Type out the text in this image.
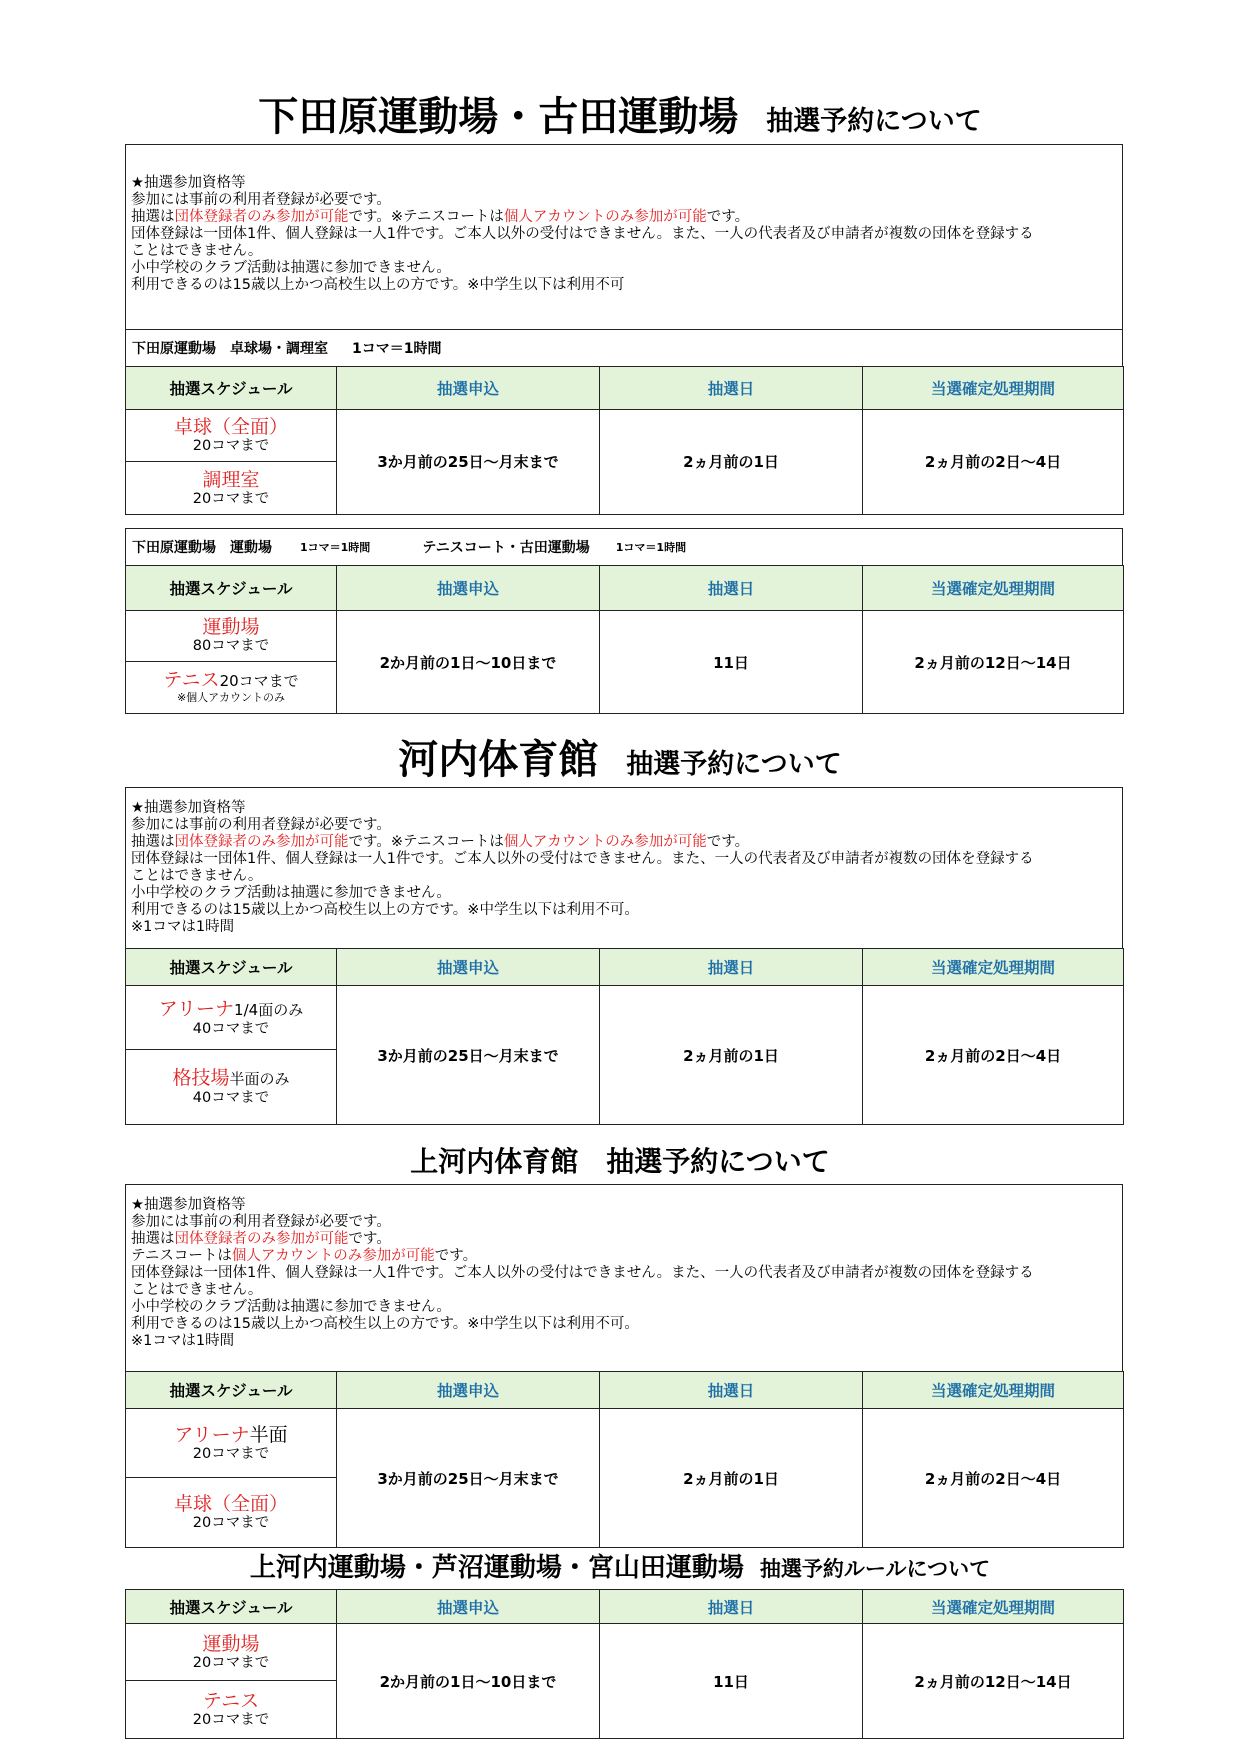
下田原運動場・古田運動場 抽選予約について
★抽選参加資格等
参加には事前の利用者登録が必要です。
抽選は団体登録者のみ参加が可能です。※テニスコートは個人アカウントのみ参加が可能です。
団体登録は一団体1件、個人登録は一人1件です。ご本人以外の受付はできません。また、一人の代表者及び申請者が複数の団体を登録する
ことはできません。
小中学校のクラブ活動は抽選に参加できません。
利用できるのは15歳以上かつ高校生以上の方です。※中学生以下は利用不可
下田原運動場　卓球場・調理室　 1コマ＝1時間
抽選スケジュール	抽選申込	抽選日	当選確定処理期間

卓球（全面）
20コマまで	3か月前の25日～月末まで	2ヵ月前の1日	2ヵ月前の2日～4日

調理室
20コマまで			
下田原運動場　運動場　 1コマ＝1時間	テニスコート・古田運動場　 1コマ＝1時間
抽選スケジュール	抽選申込	抽選日	当選確定処理期間

運動場
80コマまで	2か月前の1日～10日まで	11日	2ヵ月前の12日～14日

テニス20コマまで
※個人アカウントのみ			
河内体育館 抽選予約について
★抽選参加資格等
参加には事前の利用者登録が必要です。
抽選は団体登録者のみ参加が可能です。※テニスコートは個人アカウントのみ参加が可能です。
団体登録は一団体1件、個人登録は一人1件です。ご本人以外の受付はできません。また、一人の代表者及び申請者が複数の団体を登録する
ことはできません。
小中学校のクラブ活動は抽選に参加できません。
利用できるのは15歳以上かつ高校生以上の方です。※中学生以下は利用不可。
※1コマは1時間
抽選スケジュール	抽選申込	抽選日	当選確定処理期間

アリーナ1/4面のみ
40コマまで	3か月前の25日～月末まで	2ヵ月前の1日	2ヵ月前の2日～4日

格技場半面のみ
40コマまで			
上河内体育館　抽選予約について
★抽選参加資格等
参加には事前の利用者登録が必要です。
抽選は団体登録者のみ参加が可能です。
テニスコートは個人アカウントのみ参加が可能です。
団体登録は一団体1件、個人登録は一人1件です。ご本人以外の受付はできません。また、一人の代表者及び申請者が複数の団体を登録する
ことはできません。
小中学校のクラブ活動は抽選に参加できません。
利用できるのは15歳以上かつ高校生以上の方です。※中学生以下は利用不可。
※1コマは1時間
抽選スケジュール	抽選申込	抽選日	当選確定処理期間

アリーナ半面
20コマまで	3か月前の25日～月末まで	2ヵ月前の1日	2ヵ月前の2日～4日

卓球（全面）
20コマまで			
上河内運動場・芦沼運動場・宮山田運動場 抽選予約ルールについて
抽選スケジュール	抽選申込	抽選日	当選確定処理期間

運動場
20コマまで	2か月前の1日～10日まで	11日	2ヵ月前の12日～14日

テニス
20コマまで			
